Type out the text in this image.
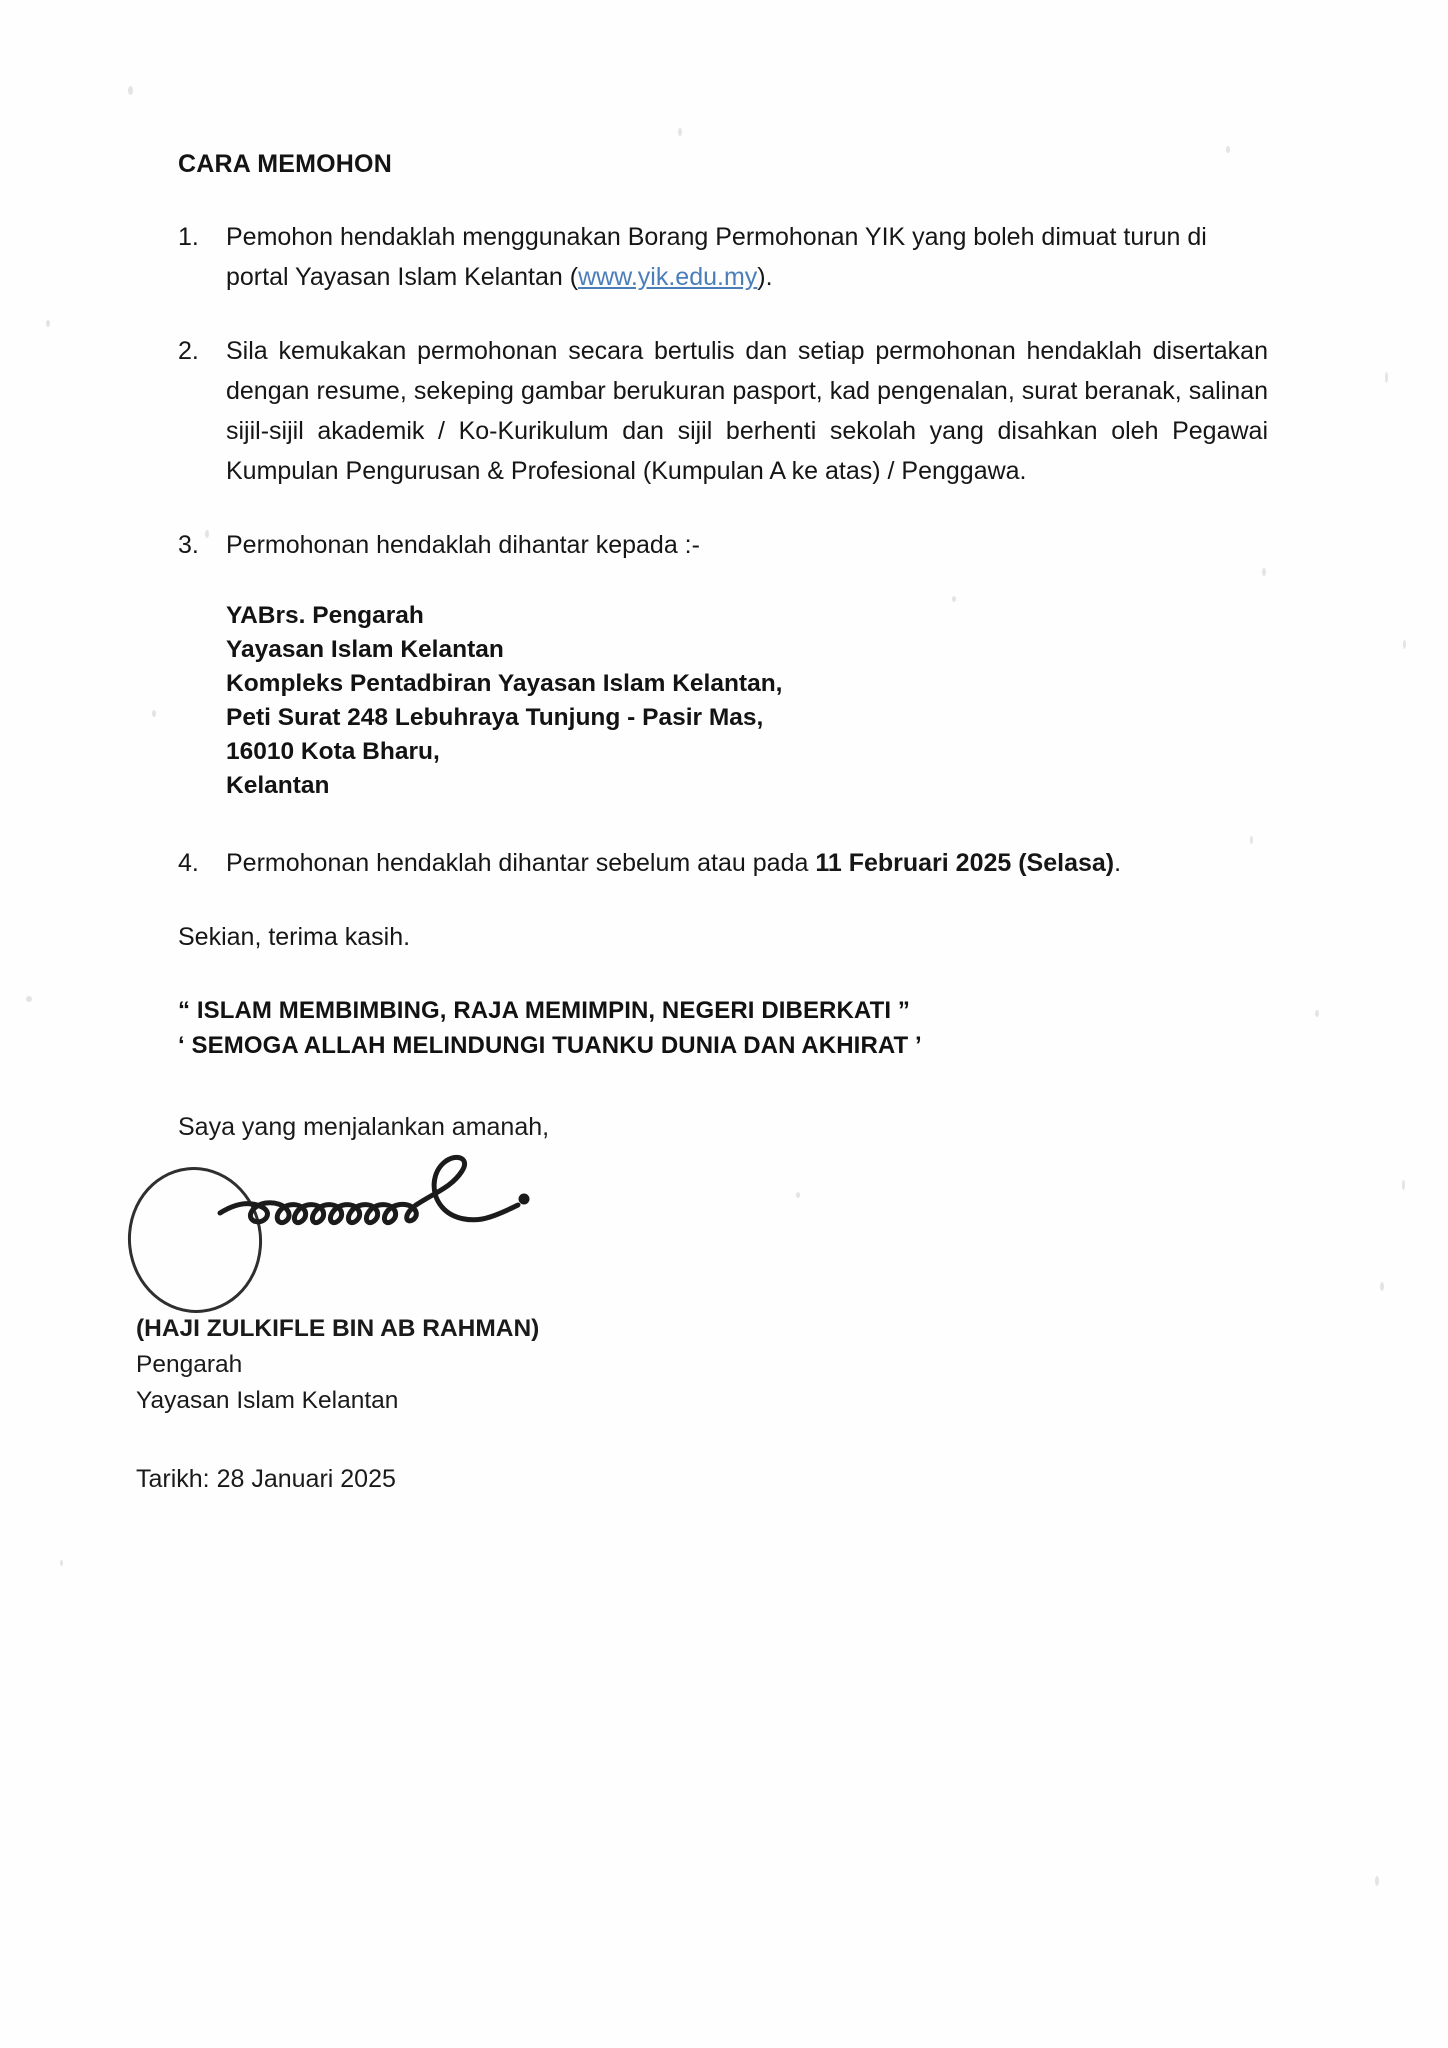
CARA MEMOHON
1.	Pemohon hendaklah menggunakan Borang Permohonan YIK yang boleh dimuat turun di portal Yayasan Islam Kelantan (www.yik.edu.my).
2.	Sila kemukakan permohonan secara bertulis dan setiap permohonan hendaklah disertakan dengan resume, sekeping gambar berukuran pasport, kad pengenalan, surat beranak, salinan sijil-sijil akademik / Ko-Kurikulum dan sijil berhenti sekolah yang disahkan oleh Pegawai Kumpulan Pengurusan & Profesional (Kumpulan A ke atas) / Penggawa.
3.	Permohonan hendaklah dihantar kepada :-
YABrs. Pengarah
Yayasan Islam Kelantan
Kompleks Pentadbiran Yayasan Islam Kelantan,
Peti Surat 248 Lebuhraya Tunjung - Pasir Mas,
16010 Kota Bharu,
Kelantan
4.	Permohonan hendaklah dihantar sebelum atau pada 11 Februari 2025 (Selasa).
Sekian, terima kasih.
“ ISLAM MEMBIMBING, RAJA MEMIMPIN, NEGERI DIBERKATI ”
‘ SEMOGA ALLAH MELINDUNGI TUANKU DUNIA DAN AKHIRAT ’
Saya yang menjalankan amanah,
(HAJI ZULKIFLE BIN AB RAHMAN)
Pengarah
Yayasan Islam Kelantan
Tarikh: 28 Januari 2025
